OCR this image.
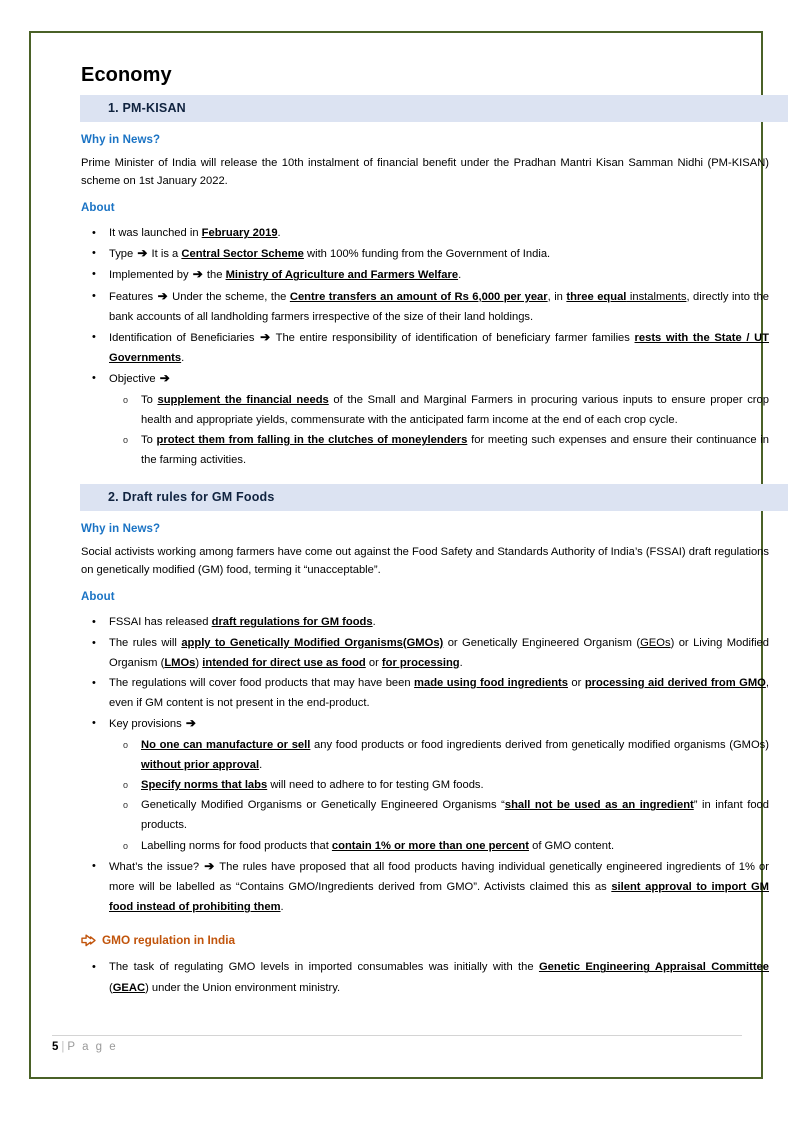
Economy
1. PM-KISAN
Why in News?

Prime Minister of India will release the 10th instalment of financial benefit under the Pradhan Mantri Kisan Samman Nidhi (PM-KISAN) scheme on 1st January 2022.

About
• It was launched in February 2019.
• Type ➔ It is a Central Sector Scheme with 100% funding from the Government of India.
• Implemented by ➔ the Ministry of Agriculture and Farmers Welfare.
• Features ➔ Under the scheme, the Centre transfers an amount of Rs 6,000 per year, in three equal instalments, directly into the bank accounts of all landholding farmers irrespective of the size of their land holdings.
• Identification of Beneficiaries ➔ The entire responsibility of identification of beneficiary farmer families rests with the State / UT Governments.
• Objective ➔
o To supplement the financial needs of the Small and Marginal Farmers in procuring various inputs to ensure proper crop health and appropriate yields, commensurate with the anticipated farm income at the end of each crop cycle.
o To protect them from falling in the clutches of moneylenders for meeting such expenses and ensure their continuance in the farming activities.
2. Draft rules for GM Foods
Why in News?

Social activists working among farmers have come out against the Food Safety and Standards Authority of India’s (FSSAI) draft regulations on genetically modified (GM) food, terming it “unacceptable”.

About
• FSSAI has released draft regulations for GM foods.
• The rules will apply to Genetically Modified Organisms(GMOs) or Genetically Engineered Organism (GEOs) or Living Modified Organism (LMOs) intended for direct use as food or for processing.
• The regulations will cover food products that may have been made using food ingredients or processing aid derived from GMO, even if GM content is not present in the end-product.
• Key provisions ➔
o No one can manufacture or sell any food products or food ingredients derived from genetically modified organisms (GMOs) without prior approval.
o Specify norms that labs will need to adhere to for testing GM foods.
o Genetically Modified Organisms or Genetically Engineered Organisms “shall not be used as an ingredient” in infant food products.
o Labelling norms for food products that contain 1% or more than one percent of GMO content.
• What’s the issue? ➔ The rules have proposed that all food products having individual genetically engineered ingredients of 1% or more will be labelled as “Contains GMO/Ingredients derived from GMO”. Activists claimed this as silent approval to import GM food instead of prohibiting them.
GMO regulation in India
• The task of regulating GMO levels in imported consumables was initially with the Genetic Engineering Appraisal Committee (GEAC) under the Union environment ministry.
5 | P a g e
